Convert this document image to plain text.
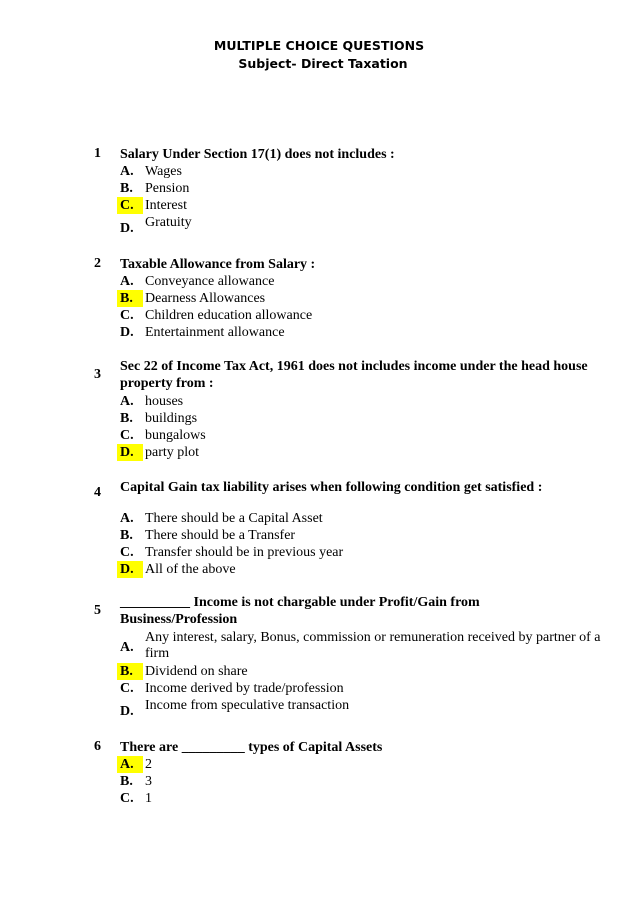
MULTIPLE CHOICE QUESTIONS
Subject- Direct Taxation
1 Salary Under Section 17(1) does not includes :
A. Wages
B. Pension
C. Interest
D. Gratuity
2 Taxable Allowance from Salary :
A. Conveyance allowance
B. Dearness Allowances
C. Children education allowance
D. Entertainment allowance
3
Sec 22 of Income Tax Act, 1961 does not includes income under the head house property from :
A. houses
B. buildings
C. bungalows
D. party plot
4 Capital Gain tax liability arises when following condition get satisfied :
A. There should be a Capital Asset
B. There should be a Transfer
C. Transfer should be in previous year
D. All of the above
5
__________ Income is not chargable under Profit/Gain from Business/Profession
A.
Any interest, salary, Bonus, commission or remuneration received by partner of a firm
B. Dividend on share
C. Income derived by trade/profession
D. Income from speculative transaction
6 There are _________ types of Capital Assets
A. 2
B. 3
C. 1
